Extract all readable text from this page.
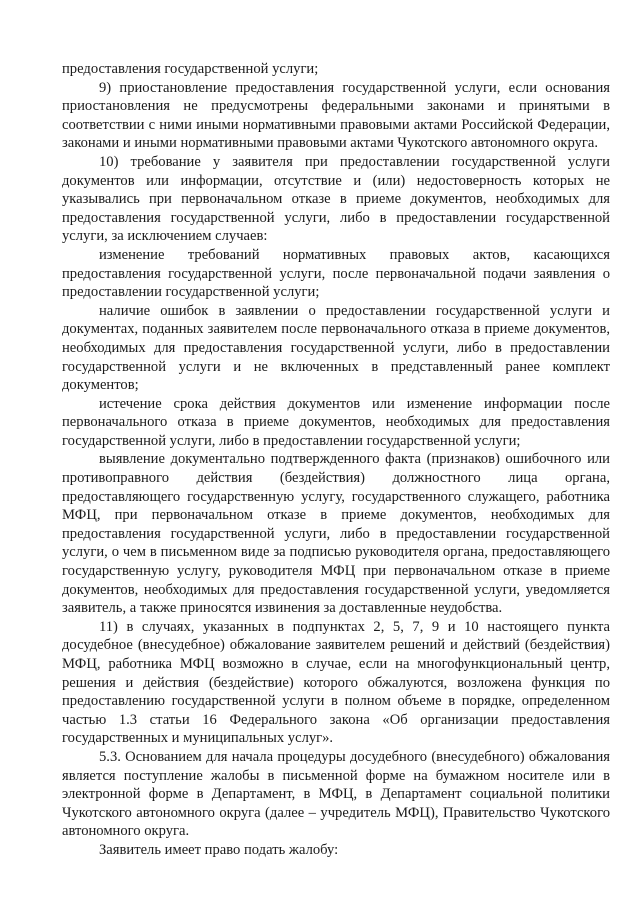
предоставления государственной услуги;

9) приостановление предоставления государственной услуги, если основания приостановления не предусмотрены федеральными законами и принятыми в соответствии с ними иными нормативными правовыми актами Российской Федерации, законами и иными нормативными правовыми актами Чукотского автономного округа.

10) требование у заявителя при предоставлении государственной услуги документов или информации, отсутствие и (или) недостоверность которых не указывались при первоначальном отказе в приеме документов, необходимых для предоставления государственной услуги, либо в предоставлении государственной услуги, за исключением случаев:

изменение требований нормативных правовых актов, касающихся предоставления государственной услуги, после первоначальной подачи заявления о предоставлении государственной услуги;

наличие ошибок в заявлении о предоставлении государственной услуги и документах, поданных заявителем после первоначального отказа в приеме документов, необходимых для предоставления государственной услуги, либо в предоставлении государственной услуги и не включенных в представленный ранее комплект документов;

истечение срока действия документов или изменение информации после первоначального отказа в приеме документов, необходимых для предоставления государственной услуги, либо в предоставлении государственной услуги;

выявление документально подтвержденного факта (признаков) ошибочного или противоправного действия (бездействия) должностного лица органа, предоставляющего государственную услугу, государственного служащего, работника МФЦ, при первоначальном отказе в приеме документов, необходимых для предоставления государственной услуги, либо в предоставлении государственной услуги, о чем в письменном виде за подписью руководителя органа, предоставляющего государственную услугу, руководителя МФЦ при первоначальном отказе в приеме документов, необходимых для предоставления государственной услуги, уведомляется заявитель, а также приносятся извинения за доставленные неудобства.

11) в случаях, указанных в подпунктах 2, 5, 7, 9 и 10 настоящего пункта досудебное (внесудебное) обжалование заявителем решений и действий (бездействия) МФЦ, работника МФЦ возможно в случае, если на многофункциональный центр, решения и действия (бездействие) которого обжалуются, возложена функция по предоставлению государственной услуги в полном объеме в порядке, определенном частью 1.3 статьи 16 Федерального закона «Об организации предоставления государственных и муниципальных услуг».

5.3. Основанием для начала процедуры досудебного (внесудебного) обжалования является поступление жалобы в письменной форме на бумажном носителе или в электронной форме в Департамент, в МФЦ, в Департамент социальной политики Чукотского автономного округа (далее – учредитель МФЦ), Правительство Чукотского автономного округа.

Заявитель имеет право подать жалобу:
